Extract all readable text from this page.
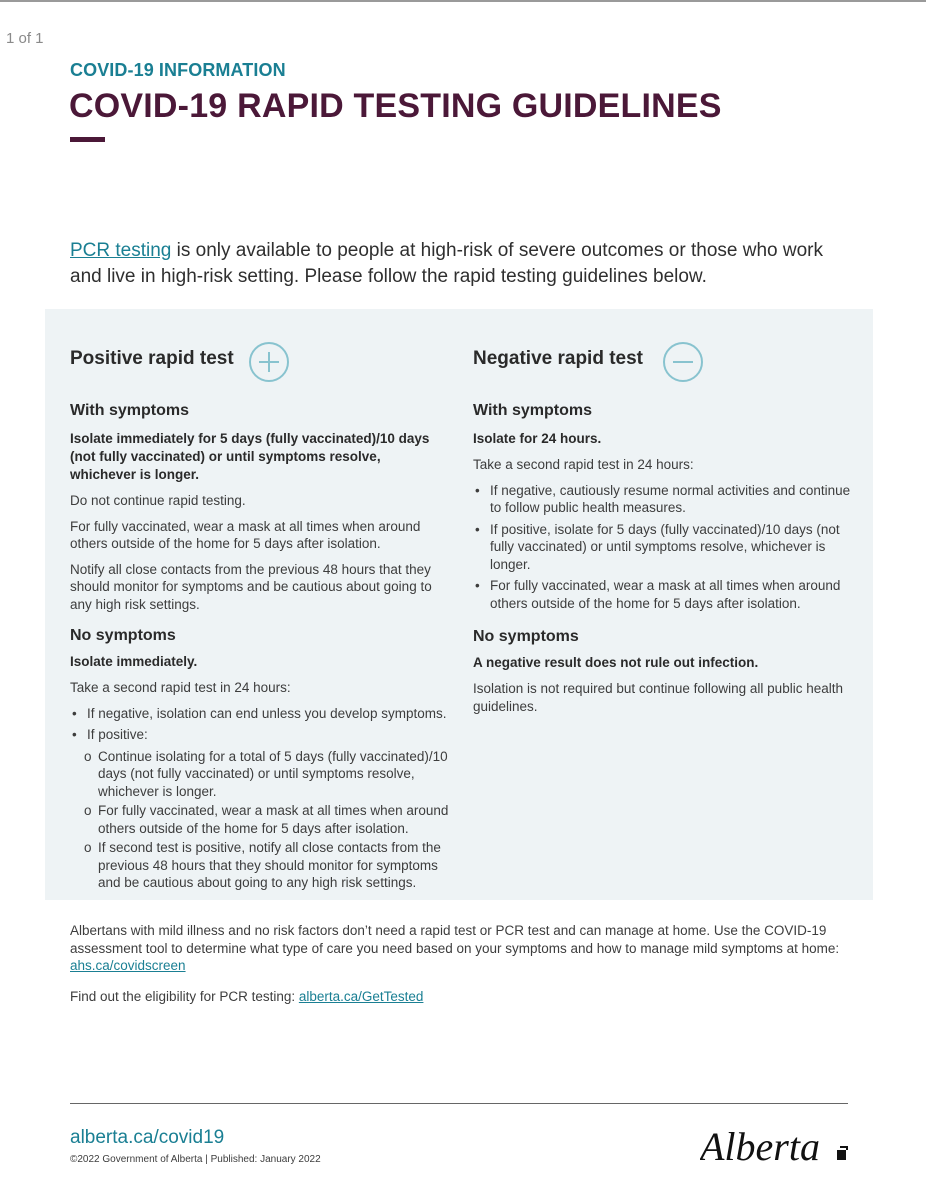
1 of 1
COVID-19 INFORMATION
COVID-19 RAPID TESTING GUIDELINES

PCR testing is only available to people at high-risk of severe outcomes or those who work and live in high-risk setting. Please follow the rapid testing guidelines below.

Positive rapid test
With symptoms

Isolate immediately for 5 days (fully vaccinated)/10 days (not fully vaccinated) or until symptoms resolve, whichever is longer.

Do not continue rapid testing.

For fully vaccinated, wear a mask at all times when around others outside of the home for 5 days after isolation.

Notify all close contacts from the previous 48 hours that they should monitor for symptoms and be cautious about going to any high risk settings.

No symptoms

Isolate immediately.

Take a second rapid test in 24 hours:

• If negative, isolation can end unless you develop symptoms.
• If positive:
o Continue isolating for a total of 5 days (fully vaccinated)/10 days (not fully vaccinated) or until symptoms resolve, whichever is longer.
o For fully vaccinated, wear a mask at all times when around others outside of the home for 5 days after isolation.
o If second test is positive, notify all close contacts from the previous 48 hours that they should monitor for symptoms and be cautious about going to any high risk settings.
Negative rapid test
With symptoms

Isolate for 24 hours.

Take a second rapid test in 24 hours:

• If negative, cautiously resume normal activities and continue to follow public health measures.
• If positive, isolate for 5 days (fully vaccinated)/10 days (not fully vaccinated) or until symptoms resolve, whichever is longer.
• For fully vaccinated, wear a mask at all times when around others outside of the home for 5 days after isolation.
No symptoms

A negative result does not rule out infection.

Isolation is not required but continue following all public health guidelines.

Albertans with mild illness and no risk factors don’t need a rapid test or PCR test and can manage at home. Use the COVID-19 assessment tool to determine what type of care you need based on your symptoms and how to manage mild symptoms at home: ahs.ca/covidscreen

Find out the eligibility for PCR testing: alberta.ca/GetTested

alberta.ca/covid19
©2022 Government of Alberta | Published: January 2022	Alberta
